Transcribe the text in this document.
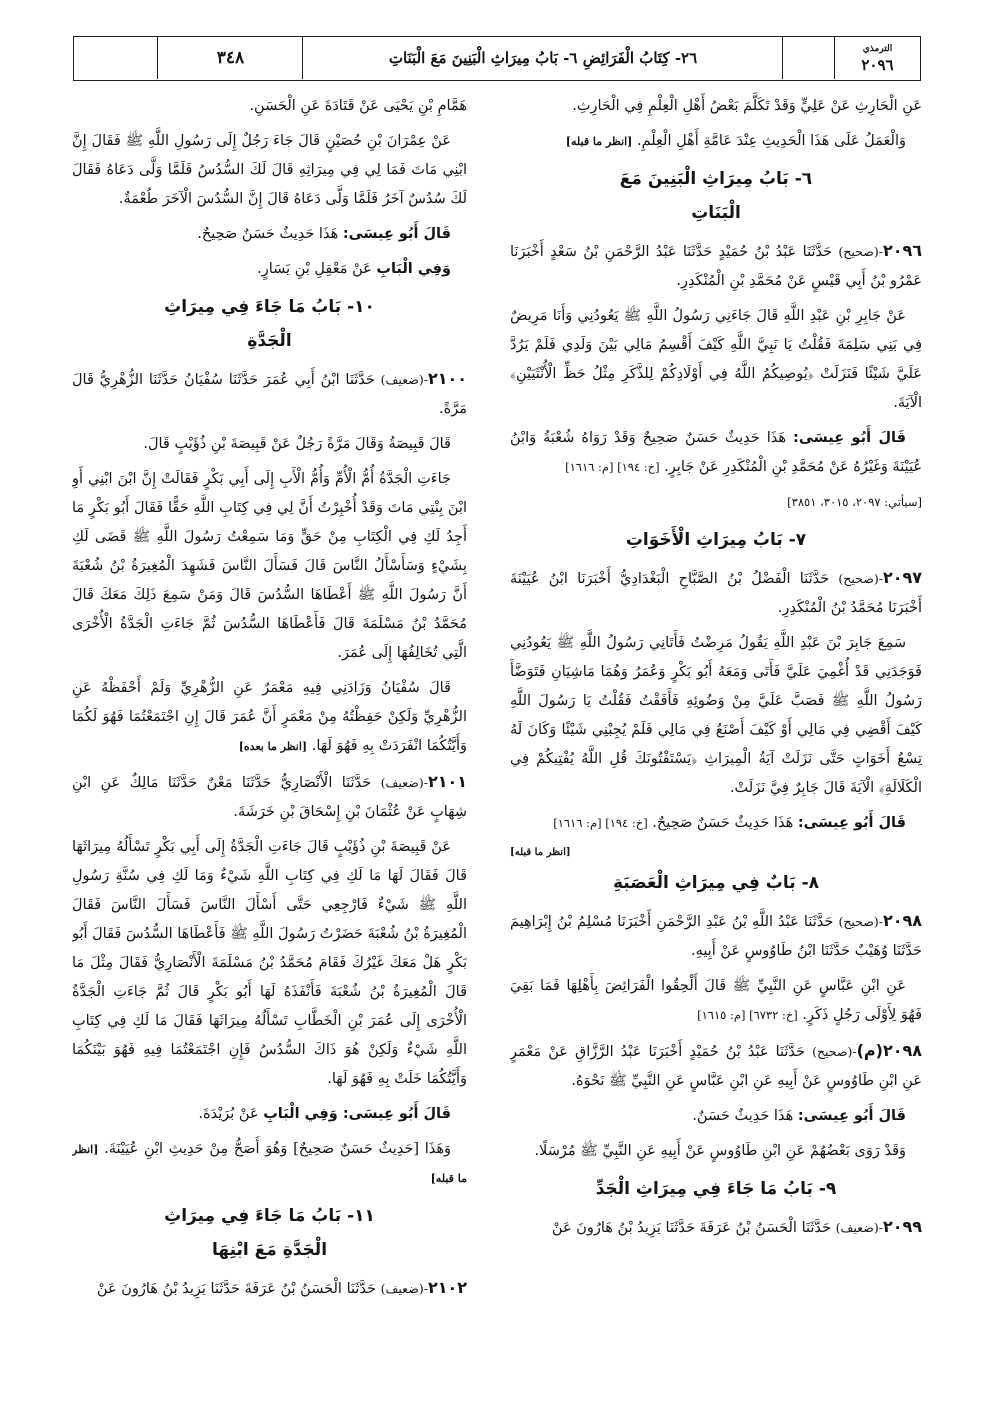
الترمذي
٢٠٩٦
٢٦- كِتَابُ الْفَرَائِضِ ٦- بَابُ مِيرَاثِ الْبَنِينَ مَعَ الْبَنَاتِ
٣٤٨

عَنِ الْحَارِثِ عَنْ عَلِيٍّ وَقَدْ تَكَلَّمَ بَعْضُ أَهْلِ الْعِلْمِ فِي الْحَارِثِ.

وَالْعَمَلُ عَلَى هَذَا الْحَدِيثِ عِنْدَ عَامَّةِ أَهْلِ الْعِلْمِ. [انظر ما قبله]

٦- بَابُ مِيرَاثِ الْبَنِينَ مَعَ
الْبَنَاتِ

٢٠٩٦-(صحيح) حَدَّثَنَا عَبْدُ بْنُ حُمَيْدٍ حَدَّثَنَا عَبْدُ الرَّحْمَنِ بْنُ سَعْدٍ أَخْبَرَنَا عَمْرُو بْنُ أَبِي قَيْسٍ عَنْ مُحَمَّدِ بْنِ الْمُنْكَدِرِ.

عَنْ جَابِرِ بْنِ عَبْدِ اللَّهِ قَالَ جَاءَنِي رَسُولُ اللَّهِ ﷺ يَعُودُنِي وَأَنَا مَرِيضٌ فِي بَنِي سَلِمَةَ فَقُلْتُ يَا نَبِيَّ اللَّهِ كَيْفَ أَقْسِمُ مَالِي بَيْنَ وَلَدِي فَلَمْ يَرُدَّ عَلَيَّ شَيْئًا فَنَزَلَتْ ﴿يُوصِيكُمُ اللَّهُ فِي أَوْلَادِكُمْ لِلذَّكَرِ مِثْلُ حَظِّ الْأُنْثَيَيْنِ﴾ الْآيَةَ.

قَالَ أَبُو عِيسَى: هَذَا حَدِيثٌ حَسَنٌ صَحِيحٌ وَقَدْ رَوَاهُ شُعْبَةُ وَابْنُ عُيَيْنَةَ وَغَيْرُهُ عَنْ مُحَمَّدِ بْنِ الْمُنْكَدِرِ عَنْ جَابِرٍ. [خ: ١٩٤] [م: ١٦١٦]

[سيأتي: ٢٠٩٧، ٣٠١٥، ٣٨٥١]

٧- بَابُ مِيرَاثِ الْأَخَوَاتِ

٢٠٩٧-(صحيح) حَدَّثَنَا الْفَضْلُ بْنُ الصَّبَّاحِ الْبَغْدَادِيُّ أَخْبَرَنَا ابْنُ عُيَيْنَةَ أَخْبَرَنَا مُحَمَّدُ بْنُ الْمُنْكَدِرِ.

سَمِعَ جَابِرَ بْنَ عَبْدِ اللَّهِ يَقُولُ مَرِضْتُ فَأَتَانِي رَسُولُ اللَّهِ ﷺ يَعُودُنِي فَوَجَدَنِي قَدْ أُغْمِيَ عَلَيَّ فَأَتَى وَمَعَهُ أَبُو بَكْرٍ وَعُمَرُ وَهُمَا مَاشِيَانِ فَتَوَضَّأَ رَسُولُ اللَّهِ ﷺ فَصَبَّ عَلَيَّ مِنْ وَضُوئِهِ فَأَفَقْتُ فَقُلْتُ يَا رَسُولَ اللَّهِ كَيْفَ أَقْضِي فِي مَالِي أَوْ كَيْفَ أَصْنَعُ فِي مَالِي فَلَمْ يُجِبْنِي شَيْئًا وَكَانَ لَهُ تِسْعُ أَخَوَاتٍ حَتَّى نَزَلَتْ آيَةُ الْمِيرَاثِ ﴿يَسْتَفْتُونَكَ قُلِ اللَّهُ يُفْتِيكُمْ فِي الْكَلَالَةِ﴾ الْآيَةَ قَالَ جَابِرٌ فِيَّ نَزَلَتْ.

قَالَ أَبُو عِيسَى: هَذَا حَدِيثٌ حَسَنٌ صَحِيحٌ. [خ: ١٩٤] [م: ١٦١٦]

[انظر ما قبله]
٨- بَابٌ فِي مِيرَاثِ الْعَصَبَةِ

٢٠٩٨-(صحيح) حَدَّثَنَا عَبْدُ اللَّهِ بْنُ عَبْدِ الرَّحْمَنِ أَخْبَرَنَا مُسْلِمُ بْنُ إِبْرَاهِيمَ حَدَّثَنَا وُهَيْبٌ حَدَّثَنَا ابْنُ طَاوُوسٍ عَنْ أَبِيهِ.

عَنِ ابْنِ عَبَّاسٍ عَنِ النَّبِيِّ ﷺ قَالَ أَلْحِقُوا الْفَرَائِضَ بِأَهْلِهَا فَمَا بَقِيَ فَهُوَ لِأَوْلَى رَجُلٍ ذَكَرٍ. [خ: ٦٧٣٢] [م: ١٦١٥]

٢٠٩٨(م)-(صحيح) حَدَّثَنَا عَبْدُ بْنُ حُمَيْدٍ أَخْبَرَنَا عَبْدُ الرَّزَّاقِ عَنْ مَعْمَرٍ عَنِ ابْنِ طَاوُوسٍ عَنْ أَبِيهِ عَنِ ابْنِ عَبَّاسٍ عَنِ النَّبِيِّ ﷺ نَحْوَهُ.

قَالَ أَبُو عِيسَى: هَذَا حَدِيثٌ حَسَنٌ.

وَقَدْ رَوَى بَعْضُهُمْ عَنِ ابْنِ طَاوُوسٍ عَنْ أَبِيهِ عَنِ النَّبِيِّ ﷺ مُرْسَلًا.

٩- بَابُ مَا جَاءَ فِي مِيرَاثِ الْجَدِّ

٢٠٩٩-(ضعيف) حَدَّثَنَا الْحَسَنُ بْنُ عَرَفَةَ حَدَّثَنَا يَزِيدُ بْنُ هَارُونَ عَنْ

هَمَّامِ بْنِ يَحْيَى عَنْ قَتَادَةَ عَنِ الْحَسَنِ.

عَنْ عِمْرَانَ بْنِ حُصَيْنٍ قَالَ جَاءَ رَجُلٌ إِلَى رَسُولِ اللَّهِ ﷺ فَقَالَ إِنَّ ابْنِي مَاتَ فَمَا لِي فِي مِيرَاثِهِ قَالَ لَكَ السُّدُسُ فَلَمَّا وَلَّى دَعَاهُ فَقَالَ لَكَ سُدُسٌ آخَرُ فَلَمَّا وَلَّى دَعَاهُ قَالَ إِنَّ السُّدُسَ الْآخَرَ طُعْمَةٌ.

قَالَ أَبُو عِيسَى: هَذَا حَدِيثٌ حَسَنٌ صَحِيحٌ.

وَفِي الْبَابِ عَنْ مَعْقِلِ بْنِ يَسَارٍ.

١٠- بَابُ مَا جَاءَ فِي مِيرَاثِ
الْجَدَّةِ

٢١٠٠-(ضعيف) حَدَّثَنَا ابْنُ أَبِي عُمَرَ حَدَّثَنَا سُفْيَانُ حَدَّثَنَا الزُّهْرِيُّ قَالَ مَرَّةً.

قَالَ قَبِيصَةُ وَقَالَ مَرَّةً رَجُلٌ عَنْ قَبِيصَةَ بْنِ ذُؤَيْبٍ قَالَ.

جَاءَتِ الْجَدَّةُ أُمُّ الْأُمِّ وَأُمُّ الْأَبِ إِلَى أَبِي بَكْرٍ فَقَالَتْ إِنَّ ابْنَ ابْنِي أَوِ ابْنَ بِنْتِي مَاتَ وَقَدْ أُخْبِرْتُ أَنَّ لِي فِي كِتَابِ اللَّهِ حَقًّا فَقَالَ أَبُو بَكْرٍ مَا أَجِدُ لَكِ فِي الْكِتَابِ مِنْ حَقٍّ وَمَا سَمِعْتُ رَسُولَ اللَّهِ ﷺ قَضَى لَكِ بِشَيْءٍ وَسَأَسْأَلُ النَّاسَ قَالَ فَسَأَلَ النَّاسَ فَشَهِدَ الْمُغِيرَةُ بْنُ شُعْبَةَ أَنَّ رَسُولَ اللَّهِ ﷺ أَعْطَاهَا السُّدُسَ قَالَ وَمَنْ سَمِعَ ذَلِكَ مَعَكَ قَالَ مُحَمَّدُ بْنُ مَسْلَمَةَ قَالَ فَأَعْطَاهَا السُّدُسَ ثُمَّ جَاءَتِ الْجَدَّةُ الْأُخْرَى الَّتِي تُخَالِفُهَا إِلَى عُمَرَ.

قَالَ سُفْيَانُ وَزَادَنِي فِيهِ مَعْمَرٌ عَنِ الزُّهْرِيِّ وَلَمْ أَحْفَظْهُ عَنِ الزُّهْرِيِّ وَلَكِنْ حَفِظْتُهُ مِنْ مَعْمَرٍ أَنَّ عُمَرَ قَالَ إِنِ اجْتَمَعْتُمَا فَهُوَ لَكُمَا وَأَيَّتُكُمَا انْفَرَدَتْ بِهِ فَهُوَ لَهَا. [انظر ما بعده]

٢١٠١-(ضعيف) حَدَّثَنَا الْأَنْصَارِيُّ حَدَّثَنَا مَعْنٌ حَدَّثَنَا مَالِكٌ عَنِ ابْنِ شِهَابٍ عَنْ عُثْمَانَ بْنِ إِسْحَاقَ بْنِ خَرَشَةَ.

عَنْ قَبِيصَةَ بْنِ ذُؤَيْبٍ قَالَ جَاءَتِ الْجَدَّةُ إِلَى أَبِي بَكْرٍ تَسْأَلُهُ مِيرَاثَهَا قَالَ فَقَالَ لَهَا مَا لَكِ فِي كِتَابِ اللَّهِ شَيْءٌ وَمَا لَكِ فِي سُنَّةِ رَسُولِ اللَّهِ ﷺ شَيْءٌ فَارْجِعِي حَتَّى أَسْأَلَ النَّاسَ فَسَأَلَ النَّاسَ فَقَالَ الْمُغِيرَةُ بْنُ شُعْبَةَ حَضَرْتُ رَسُولَ اللَّهِ ﷺ فَأَعْطَاهَا السُّدُسَ فَقَالَ أَبُو بَكْرٍ هَلْ مَعَكَ غَيْرُكَ فَقَامَ مُحَمَّدُ بْنُ مَسْلَمَةَ الْأَنْصَارِيُّ فَقَالَ مِثْلَ مَا قَالَ الْمُغِيرَةُ بْنُ شُعْبَةَ فَأَنْفَذَهُ لَهَا أَبُو بَكْرٍ قَالَ ثُمَّ جَاءَتِ الْجَدَّةُ الْأُخْرَى إِلَى عُمَرَ بْنِ الْخَطَّابِ تَسْأَلُهُ مِيرَاثَهَا فَقَالَ مَا لَكِ فِي كِتَابِ اللَّهِ شَيْءٌ وَلَكِنْ هُوَ ذَاكَ السُّدُسُ فَإِنِ اجْتَمَعْتُمَا فِيهِ فَهُوَ بَيْنَكُمَا وَأَيَّتُكُمَا خَلَتْ بِهِ فَهُوَ لَهَا.

قَالَ أَبُو عِيسَى: وَفِي الْبَابِ عَنْ بُرَيْدَةَ.

وَهَذَا [حَدِيثٌ حَسَنٌ صَحِيحٌ] وَهُوَ أَصَحُّ مِنْ حَدِيثِ ابْنِ عُيَيْنَةَ. [انظر ما قبله]

١١- بَابُ مَا جَاءَ فِي مِيرَاثِ
الْجَدَّةِ مَعَ ابْنِهَا

٢١٠٢-(ضعيف) حَدَّثَنَا الْحَسَنُ بْنُ عَرَفَةَ حَدَّثَنَا يَزِيدُ بْنُ هَارُونَ عَنْ
